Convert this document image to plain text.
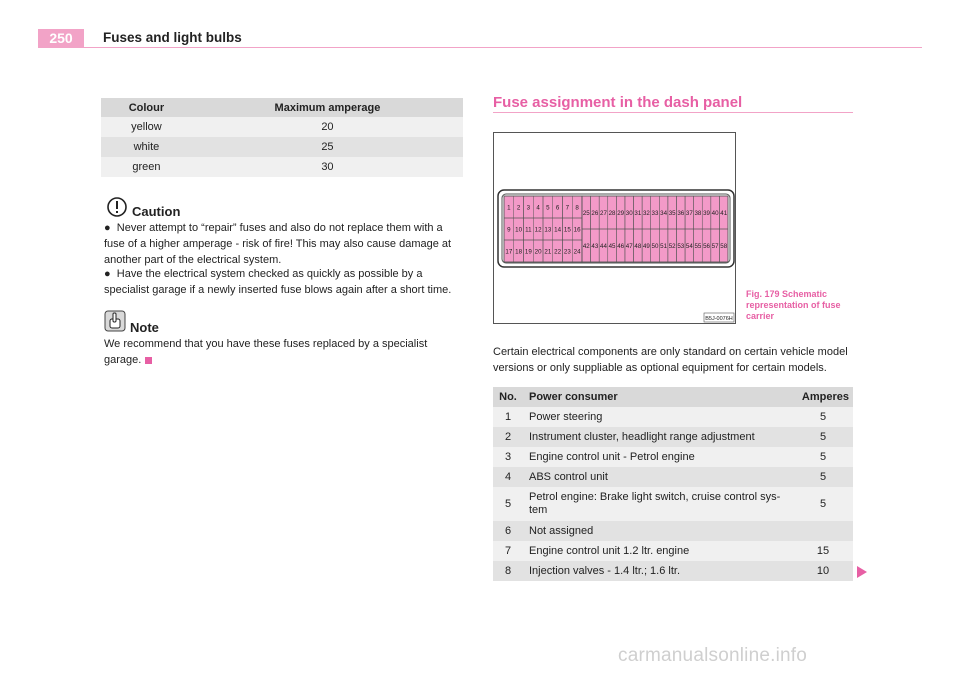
250	Fuses and light bulbs
Colour	Maximum amperage
yellow	20
white	25
green	30
Caution
● Never attempt to “repair” fuses and also do not replace them with a fuse of a higher amperage - risk of fire! This may also cause damage at another part of the electrical system.
● Have the electrical system checked as quickly as possible by a specialist garage if a newly inserted fuse blows again after a short time.
Note
We recommend that you have these fuses replaced by a specialist garage.
Fuse assignment in the dash panel
1 2 3 4 5 6 7 8
9 10 11 12 13 14 15 16
17 18 19 20 21 22 23 24
25 26 27 28 29 30 31 32 33 34 35 36 37 38 39 40 41
42 43 44 45 46 47 48 49 50 51 52 53 54 55 56 57 58
B5J-0076H
Fig. 179 Schematic representation of fuse carrier
Certain electrical components are only standard on certain vehicle model versions or only suppliable as optional equipment for certain models.
No.	Power consumer	Amperes
1	Power steering	5
2	Instrument cluster, headlight range adjustment	5
3	Engine control unit - Petrol engine	5
4	ABS control unit	5
5	Petrol engine: Brake light switch, cruise control sys-tem	5
6	Not assigned	
7	Engine control unit 1.2 ltr. engine	15
8	Injection valves - 1.4 ltr.; 1.6 ltr.	10
carmanualsonline.info
